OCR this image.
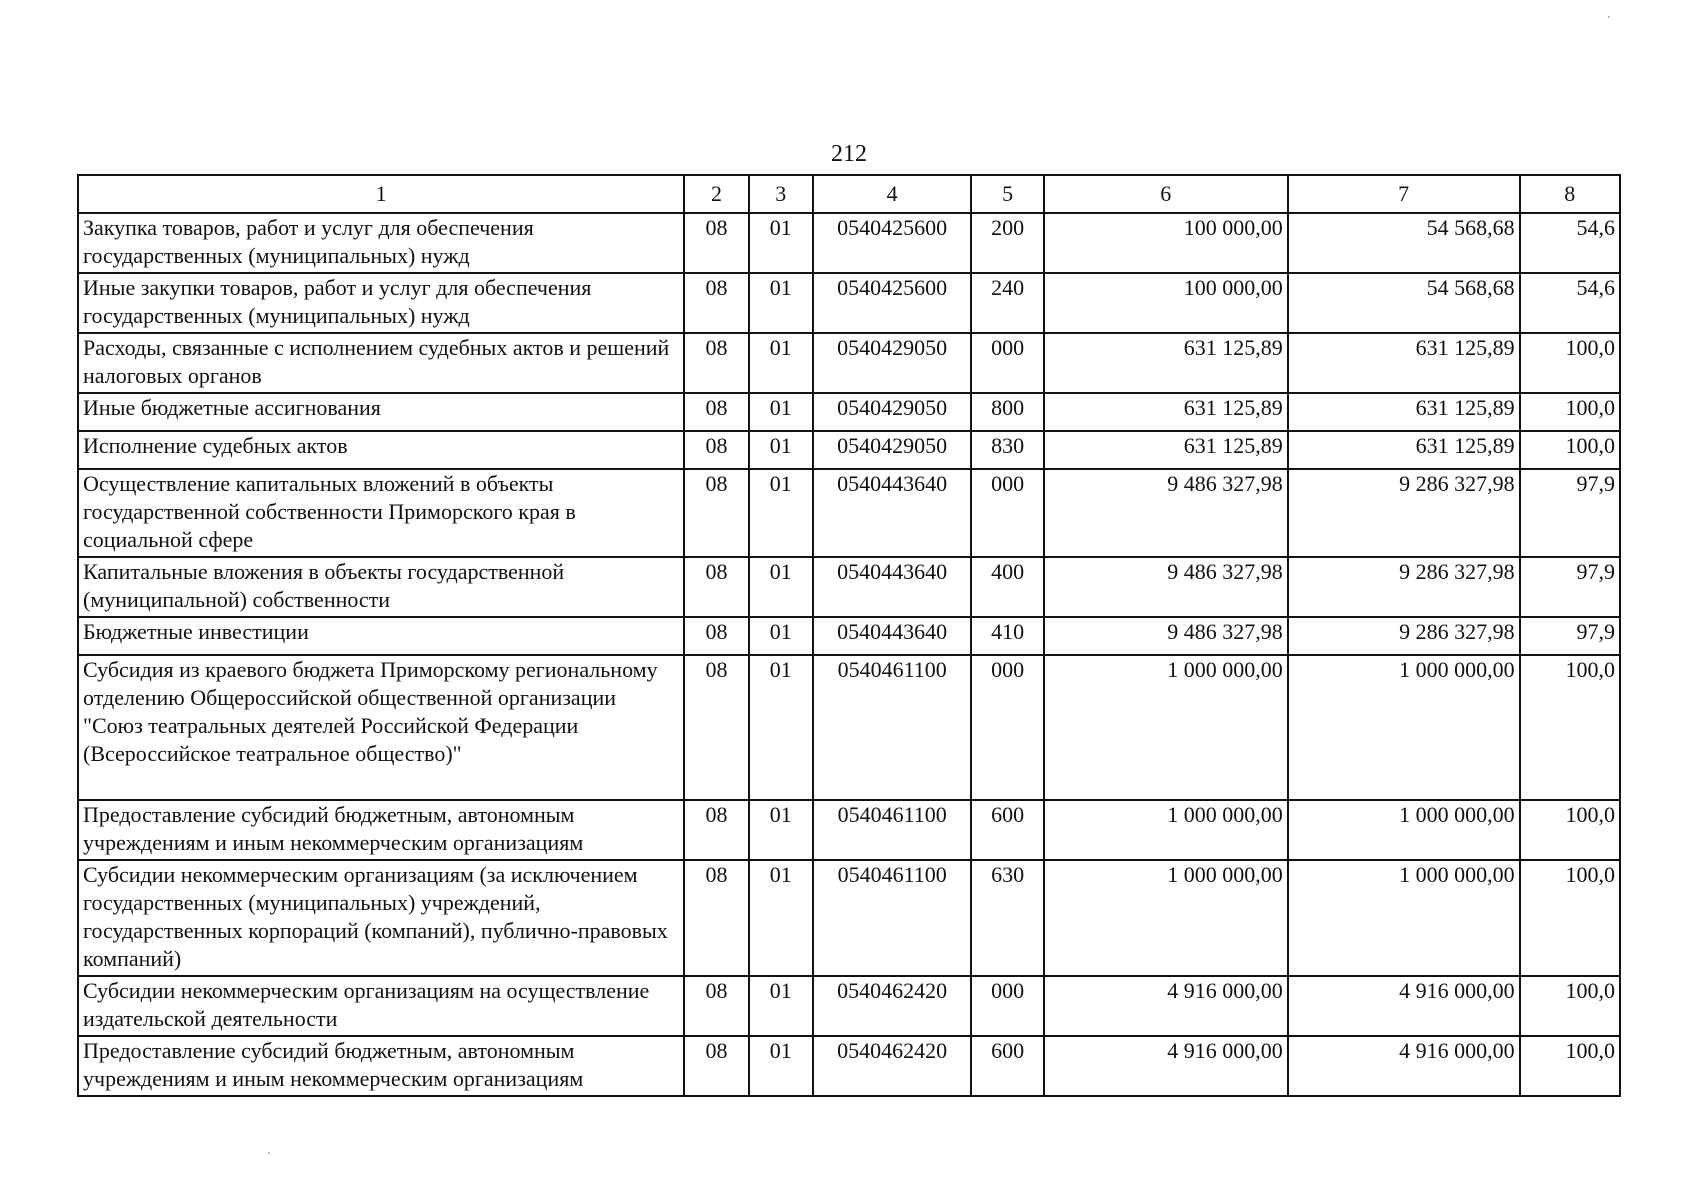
212
1	2	3	4	5	6	7	8
Закупка товаров, работ и услуг для обеспечения государственных (муниципальных) нужд	08	01	0540425600	200	100 000,00	54 568,68	54,6
Иные закупки товаров, работ и услуг для обеспечения государственных (муниципальных) нужд	08	01	0540425600	240	100 000,00	54 568,68	54,6
Расходы, связанные с исполнением судебных актов и решений налоговых органов	08	01	0540429050	000	631 125,89	631 125,89	100,0
Иные бюджетные ассигнования	08	01	0540429050	800	631 125,89	631 125,89	100,0
Исполнение судебных актов	08	01	0540429050	830	631 125,89	631 125,89	100,0
Осуществление капитальных вложений в объекты государственной собственности Приморского края в социальной сфере	08	01	0540443640	000	9 486 327,98	9 286 327,98	97,9
Капитальные вложения в объекты государственной (муниципальной) собственности	08	01	0540443640	400	9 486 327,98	9 286 327,98	97,9
Бюджетные инвестиции	08	01	0540443640	410	9 486 327,98	9 286 327,98	97,9
Субсидия из краевого бюджета Приморскому региональному отделению Общероссийской общественной организации "Союз театральных деятелей Российской Федерации (Всероссийское театральное общество)"	08	01	0540461100	000	1 000 000,00	1 000 000,00	100,0
Предоставление субсидий бюджетным, автономным учреждениям и иным некоммерческим организациям	08	01	0540461100	600	1 000 000,00	1 000 000,00	100,0
Субсидии некоммерческим организациям (за исключением государственных (муниципальных) учреждений, государственных корпораций (компаний), публично-правовых компаний)	08	01	0540461100	630	1 000 000,00	1 000 000,00	100,0
Субсидии некоммерческим организациям на осуществление издательской деятельности	08	01	0540462420	000	4 916 000,00	4 916 000,00	100,0
Предоставление субсидий бюджетным, автономным учреждениям и иным некоммерческим организациям	08	01	0540462420	600	4 916 000,00	4 916 000,00	100,0
